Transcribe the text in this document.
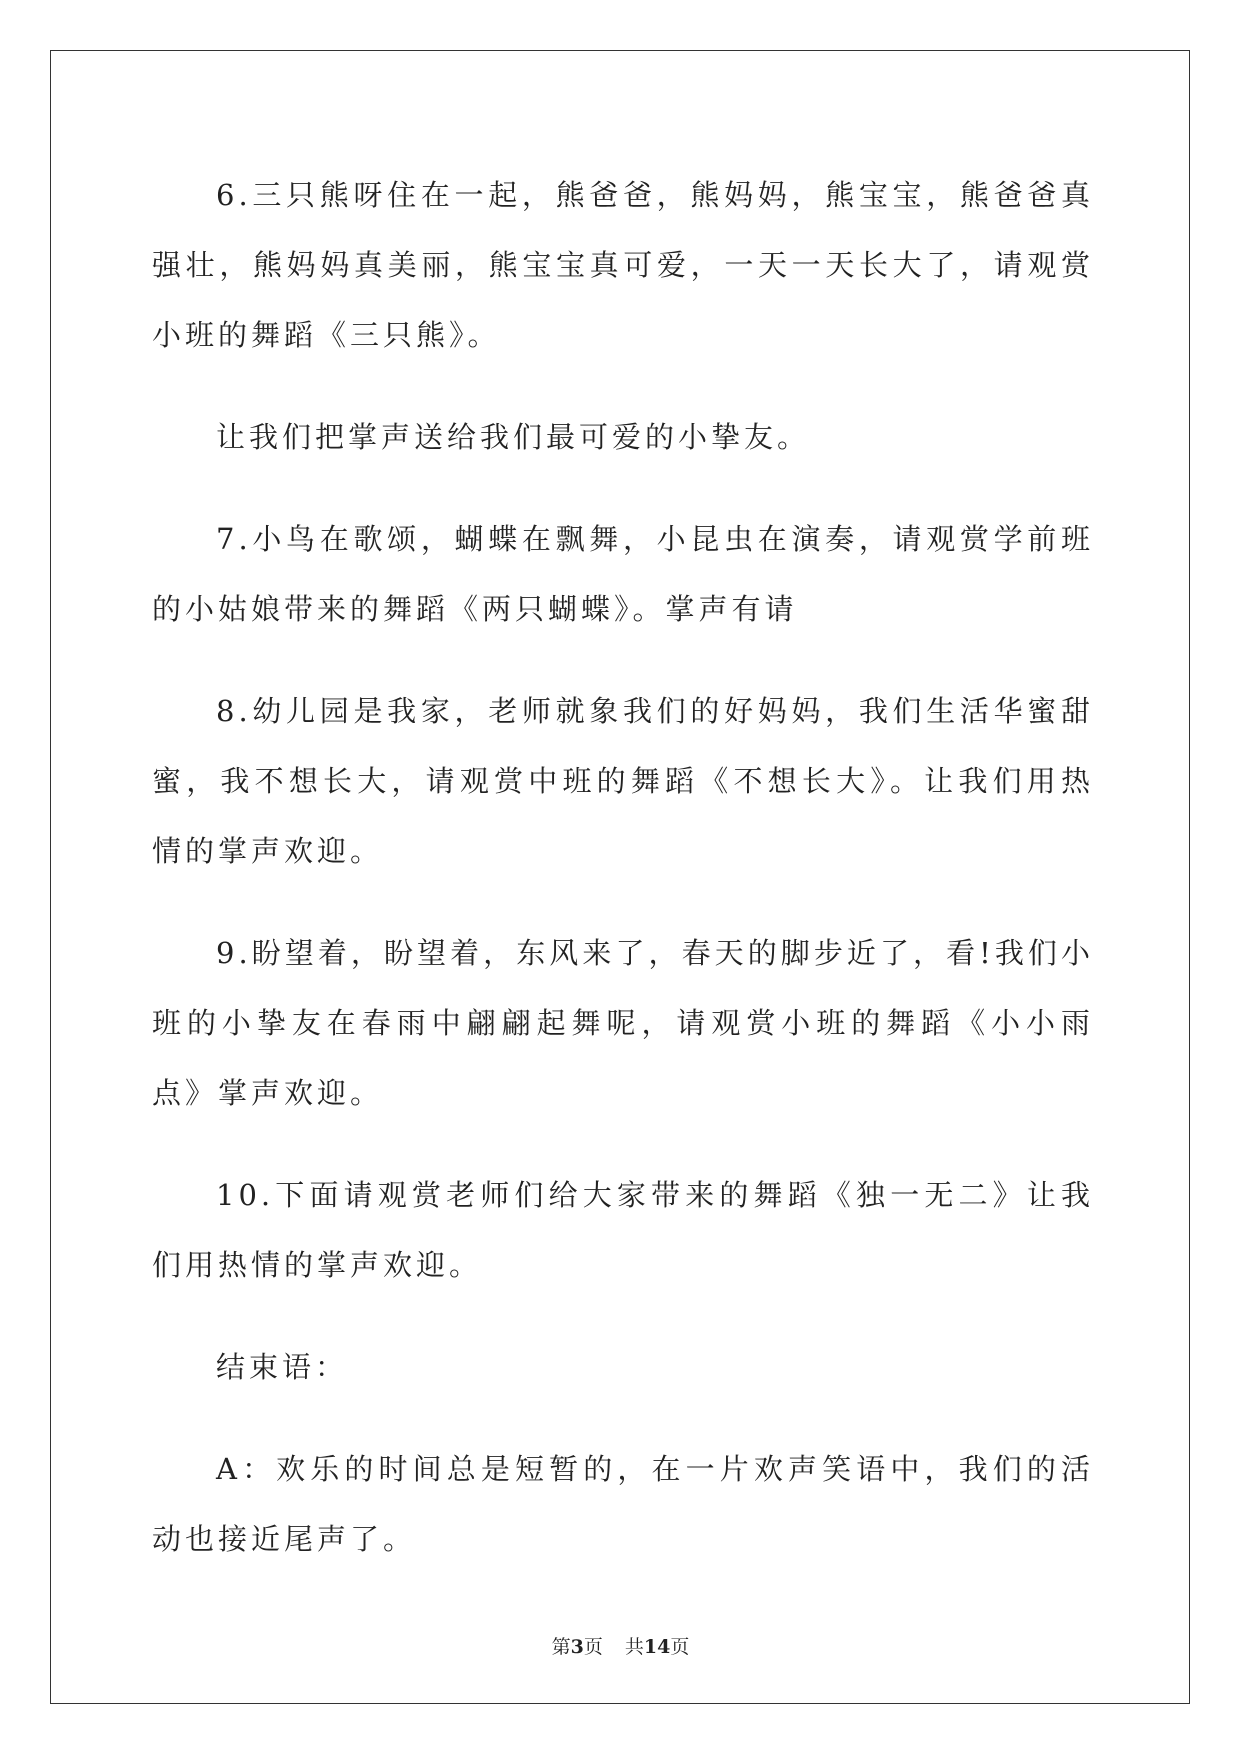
6.三只熊呀住在一起，熊爸爸，熊妈妈，熊宝宝，熊爸爸真强壮，熊妈妈真美丽，熊宝宝真可爱，一天一天长大了，请观赏小班的舞蹈《三只熊》。

让我们把掌声送给我们最可爱的小挚友。

7.小鸟在歌颂，蝴蝶在飘舞，小昆虫在演奏，请观赏学前班的小姑娘带来的舞蹈《两只蝴蝶》。掌声有请

8.幼儿园是我家，老师就象我们的好妈妈，我们生活华蜜甜蜜，我不想长大，请观赏中班的舞蹈《不想长大》。让我们用热情的掌声欢迎。

9.盼望着，盼望着，东风来了，春天的脚步近了，看!我们小班的小挚友在春雨中翩翩起舞呢，请观赏小班的舞蹈《小小雨点》掌声欢迎。

10.下面请观赏老师们给大家带来的舞蹈《独一无二》让我们用热情的掌声欢迎。

结束语：

A：欢乐的时间总是短暂的，在一片欢声笑语中，我们的活动也接近尾声了。

第3页 共14页
